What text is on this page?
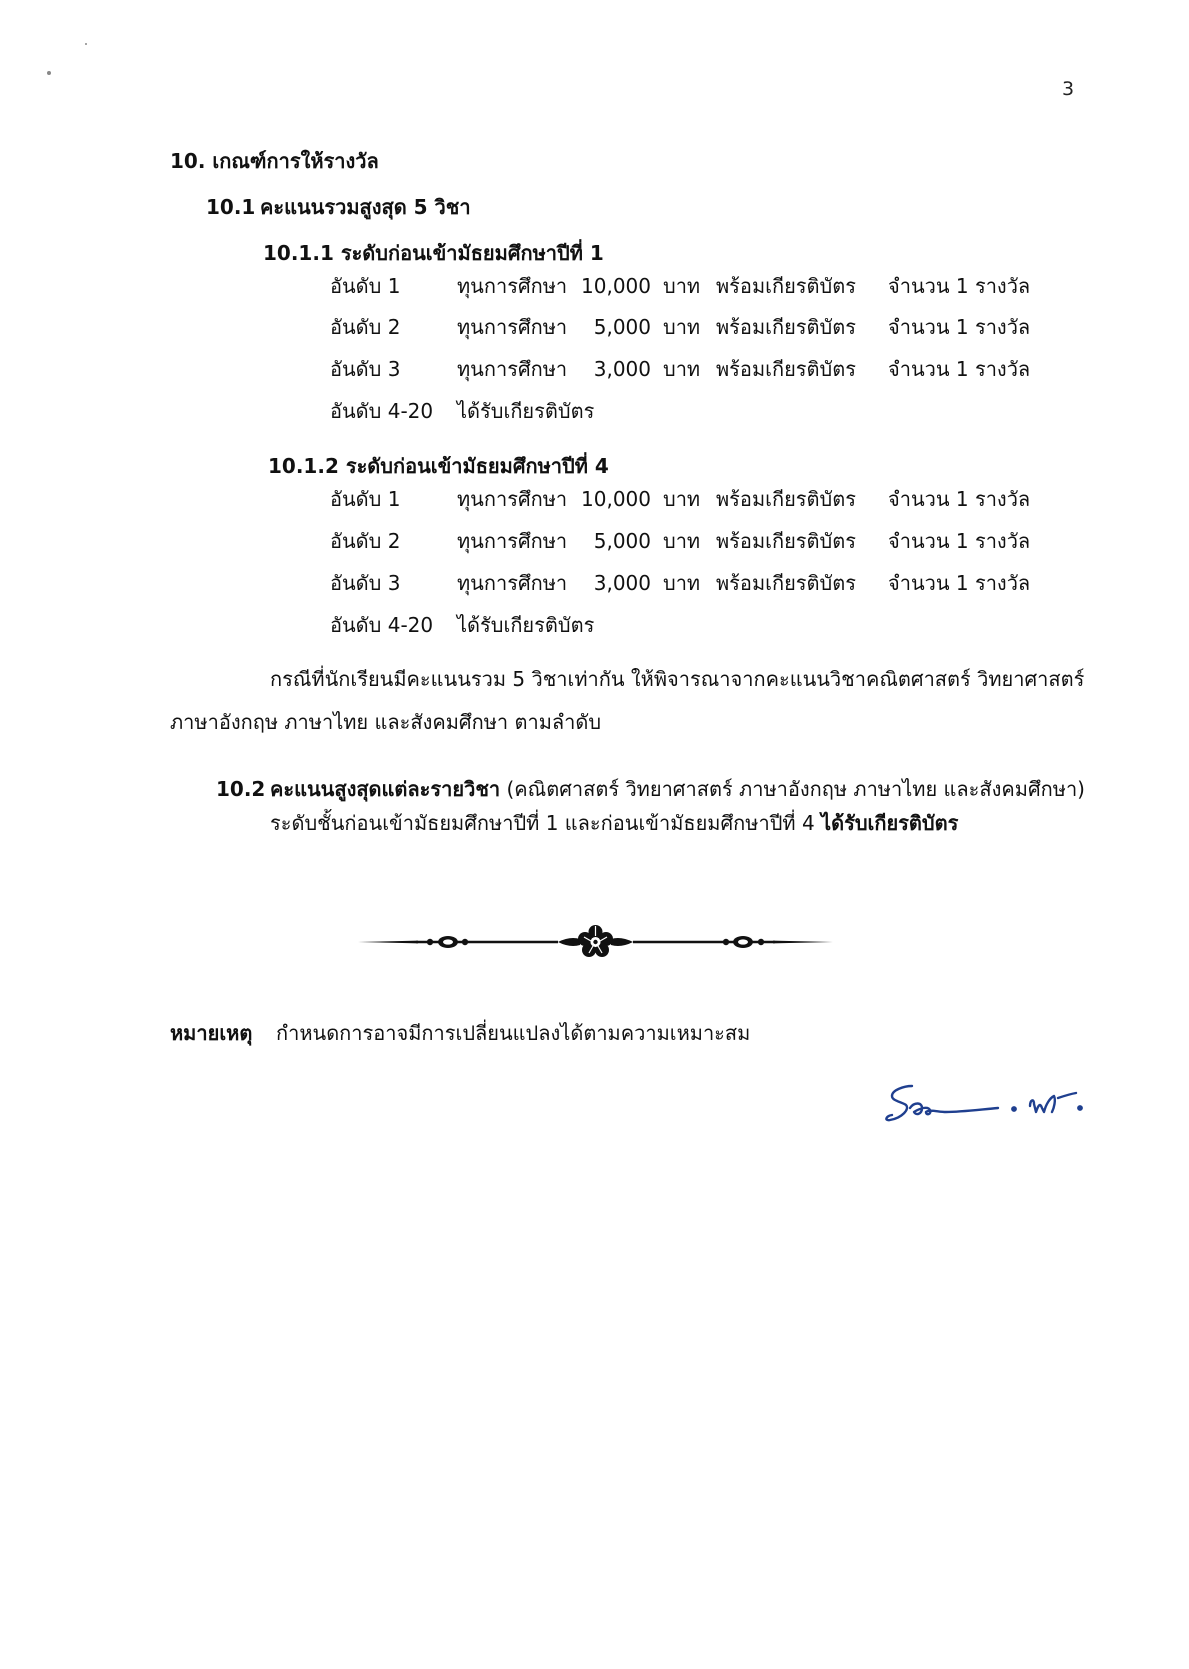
3
10. เกณฑ์การให้รางวัล
10.1 คะแนนรวมสูงสุด 5 วิชา
10.1.1 ระดับก่อนเข้ามัธยมศึกษาปีที่ 1
อันดับ 1	ทุนการศึกษา 10,000 บาท พร้อมเกียรติบัตร จำนวน 1 รางวัล
อันดับ 2	ทุนการศึกษา 5,000 บาท พร้อมเกียรติบัตร จำนวน 1 รางวัล
อันดับ 3	ทุนการศึกษา 3,000 บาท พร้อมเกียรติบัตร จำนวน 1 รางวัล
อันดับ 4-20 ได้รับเกียรติบัตร
10.1.2 ระดับก่อนเข้ามัธยมศึกษาปีที่ 4
อันดับ 1	ทุนการศึกษา 10,000 บาท พร้อมเกียรติบัตร จำนวน 1 รางวัล
อันดับ 2	ทุนการศึกษา 5,000 บาท พร้อมเกียรติบัตร จำนวน 1 รางวัล
อันดับ 3	ทุนการศึกษา 3,000 บาท พร้อมเกียรติบัตร จำนวน 1 รางวัล
อันดับ 4-20 ได้รับเกียรติบัตร
กรณีที่นักเรียนมีคะแนนรวม 5 วิชาเท่ากัน ให้พิจารณาจากคะแนนวิชาคณิตศาสตร์ วิทยาศาสตร์
ภาษาอังกฤษ ภาษาไทย และสังคมศึกษา ตามลำดับ
10.2 คะแนนสูงสุดแต่ละรายวิชา (คณิตศาสตร์ วิทยาศาสตร์ ภาษาอังกฤษ ภาษาไทย และสังคมศึกษา)
ระดับชั้นก่อนเข้ามัธยมศึกษาปีที่ 1 และก่อนเข้ามัธยมศึกษาปีที่ 4 ได้รับเกียรติบัตร
หมายเหตุ กำหนดการอาจมีการเปลี่ยนแปลงได้ตามความเหมาะสม
